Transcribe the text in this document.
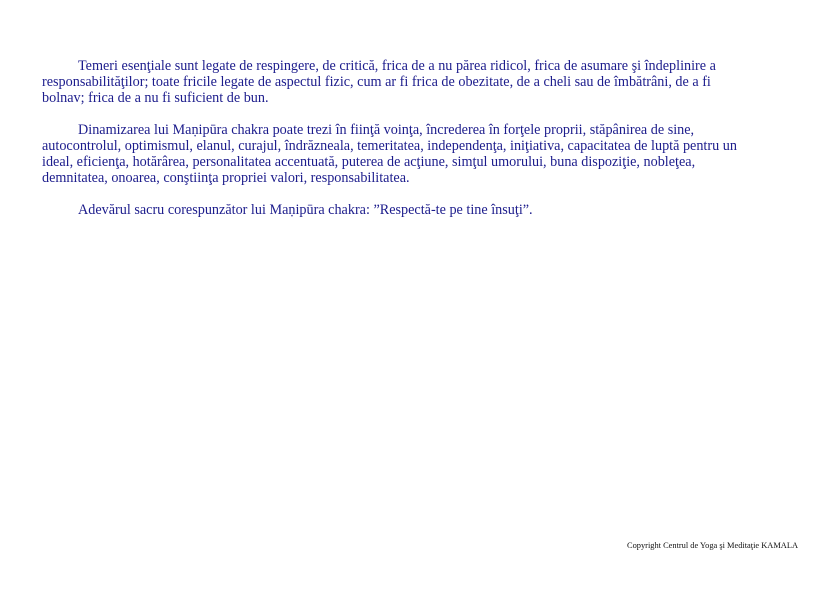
Temeri esenţiale sunt legate de respingere, de critică, frica de a nu părea ridicol, frica de asumare şi îndeplinire a responsabilităţilor; toate fricile legate de aspectul fizic, cum ar fi frica de obezitate, de a cheli sau de îmbătrâni, de a fi bolnav; frica de a nu fi suficient de bun.

Dinamizarea lui Maṇipūra chakra poate trezi în fiinţă voinţa, încrederea în forţele proprii, stăpânirea de sine, autocontrolul, optimismul, elanul, curajul, îndrăzneala, temeritatea, independenţa, iniţiativa, capacitatea de luptă pentru un ideal, eficienţa, hotărârea, personalitatea accentuată, puterea de acţiune, simţul umorului, buna dispoziţie, nobleţea, demnitatea, onoarea, conştiinţa propriei valori, responsabilitatea.

Adevărul sacru corespunzător lui Maṇipūra chakra: ”Respectă-te pe tine însuţi”.

Copyright Centrul de Yoga şi Meditaţie KAMALA
